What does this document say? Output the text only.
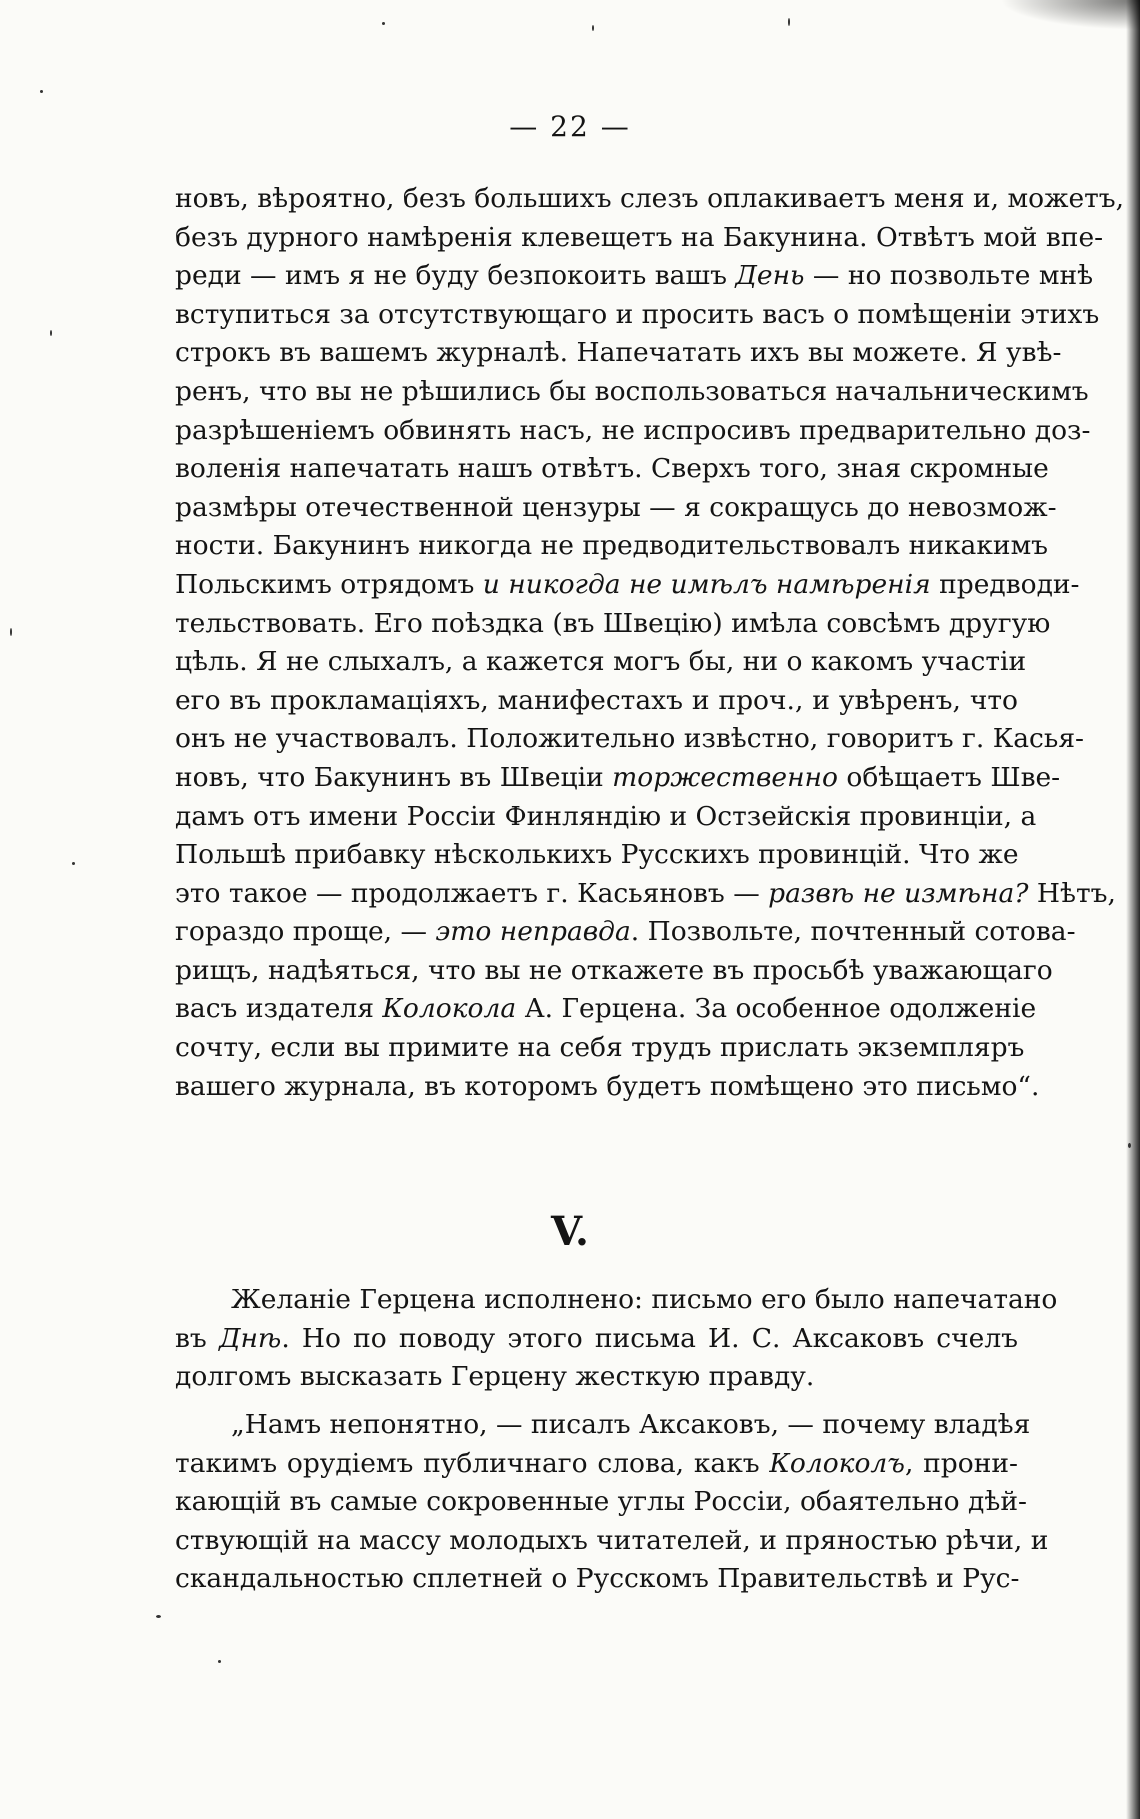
— 22 —
новъ, вѣроятно, безъ большихъ слезъ оплакиваетъ меня и, можетъ,
безъ дурного намѣренія клевещетъ на Бакунина. Отвѣтъ мой впе-
реди — имъ я не буду безпокоить вашъ День — но позвольте мнѣ
вступиться за отсутствующаго и просить васъ о помѣщеніи этихъ
строкъ въ вашемъ журналѣ. Напечатать ихъ вы можете. Я увѣ-
ренъ, что вы не рѣшились бы воспользоваться начальническимъ
разрѣшеніемъ обвинять насъ, не испросивъ предварительно доз-
воленія напечатать нашъ отвѣтъ. Сверхъ того, зная скромные
размѣры отечественной цензуры — я сокращусь до невозмож-
ности. Бакунинъ никогда не предводительствовалъ никакимъ
Польскимъ отрядомъ и никогда не имѣлъ намѣренія предводи-
тельствовать. Его поѣздка (въ Швецію) имѣла совсѣмъ другую
цѣль. Я не слыхалъ, а кажется могъ бы, ни о какомъ участіи
его въ прокламаціяхъ, манифестахъ и проч., и увѣренъ, что
онъ не участвовалъ. Положительно извѣстно, говоритъ г. Касья-
новъ, что Бакунинъ въ Швеціи торжественно обѣщаетъ Шве-
дамъ отъ имени Россіи Финляндію и Остзейскія провинціи, а
Польшѣ прибавку нѣсколькихъ Русскихъ провинцій. Что же
это такое — продолжаетъ г. Касьяновъ — развѣ не измѣна? Нѣтъ,
гораздо проще, — это неправда. Позвольте, почтенный сотова-
рищъ, надѣяться, что вы не откажете въ просьбѣ уважающаго
васъ издателя Колокола А. Герцена. За особенное одолженіе
сочту, если вы примите на себя трудъ прислать экземпляръ
вашего журнала, въ которомъ будетъ помѣщено это письмо“.
V.
Желаніе Герцена исполнено: письмо его было напечатано
въ Днѣ. Но по поводу этого письма И. С. Аксаковъ счелъ
долгомъ высказать Герцену жесткую правду.
„Намъ непонятно, — писалъ Аксаковъ, — почему владѣя
такимъ орудіемъ публичнаго слова, какъ Колоколъ, прони-
кающій въ самые сокровенные углы Россіи, обаятельно дѣй-
ствующій на массу молодыхъ читателей, и пряностью рѣчи, и
скандальностью сплетней о Русскомъ Правительствѣ и Рус-
